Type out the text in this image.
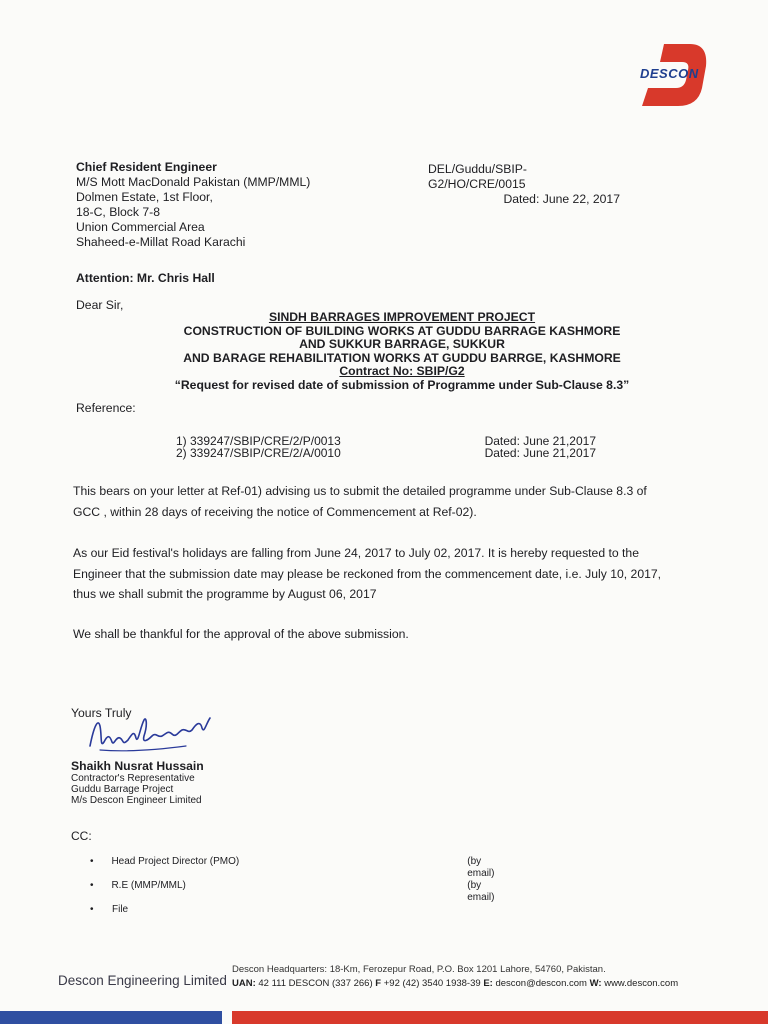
DESCON
Chief Resident Engineer
M/S Mott MacDonald Pakistan (MMP/MML)
Dolmen Estate, 1st Floor,
18-C, Block 7-8
Union Commercial Area
Shaheed-e-Millat Road Karachi
DEL/Guddu/SBIP-G2/HO/CRE/0015
Dated: June 22, 2017
Attention: Mr. Chris Hall
Dear Sir,
SINDH BARRAGES IMPROVEMENT PROJECT
CONSTRUCTION OF BUILDING WORKS AT GUDDU BARRAGE KASHMORE
AND SUKKUR BARRAGE, SUKKUR
AND BARAGE REHABILITATION WORKS AT GUDDU BARRGE, KASHMORE
Contract No: SBIP/G2
“Request for revised date of submission of Programme under Sub-Clause 8.3”
Reference:
1) 339247/SBIP/CRE/2/P/0013	Dated: June 21,2017
2) 339247/SBIP/CRE/2/A/0010	Dated: June 21,2017
This bears on your letter at Ref-01) advising us to submit the detailed programme under Sub-Clause 8.3 of GCC , within 28 days of receiving the notice of Commencement at Ref-02).
As our Eid festival's holidays are falling from June 24, 2017 to July 02, 2017. It is hereby requested to the Engineer that the submission date may please be reckoned from the commencement date, i.e. July 10, 2017, thus we shall submit the programme by August 06, 2017
We shall be thankful for the approval of the above submission.
Yours Truly
Shaikh Nusrat Hussain
Contractor's Representative
Guddu Barrage Project
M/s Descon Engineer Limited
CC:
•	Head Project Director (PMO)	(by email)
•	R.E (MMP/MML)	(by email)
•	File
Descon Engineering Limited
Descon Headquarters: 18-Km, Ferozepur Road, P.O. Box 1201 Lahore, 54760, Pakistan.
UAN: 42 111 DESCON (337 266) F +92 (42) 3540 1938-39 E: descon@descon.com W: www.descon.com
